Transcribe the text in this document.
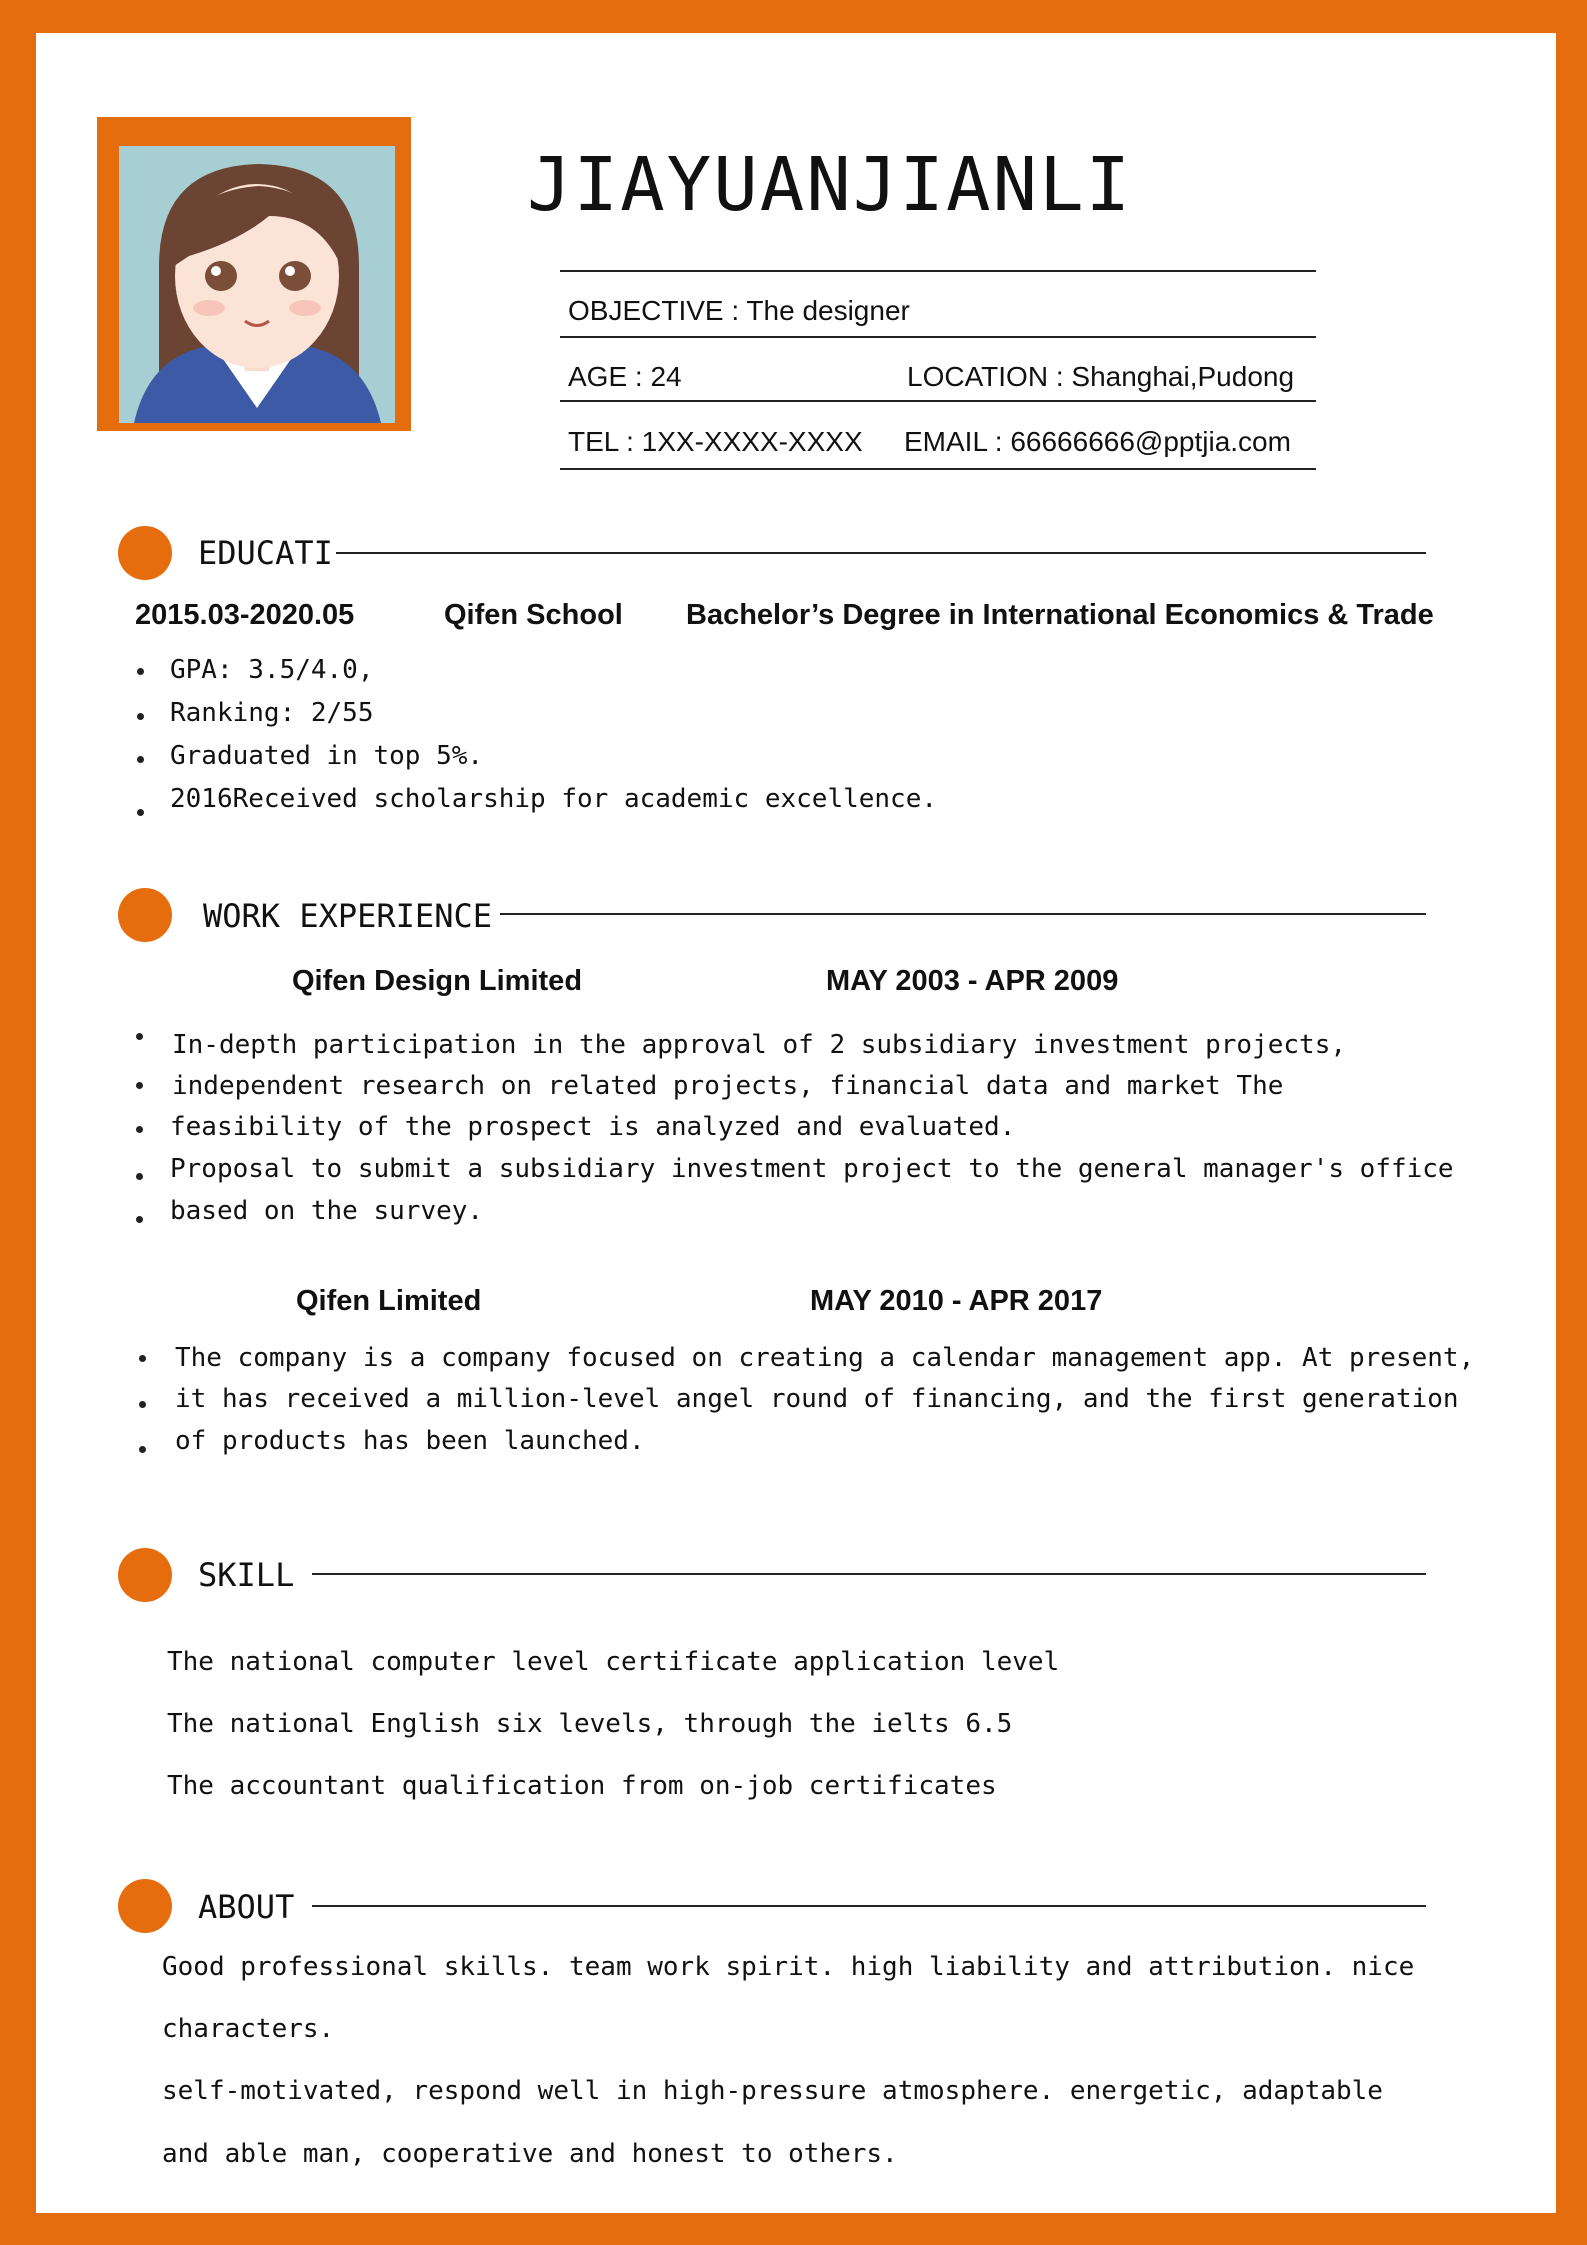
JIAYUANJIANLI
OBJECTIVE : The designer
AGE : 24	LOCATION : Shanghai,Pudong
TEL : 1XX-XXXX-XXXX EMAIL : 66666666@pptjia.com
EDUCATI
2015.03-2020.05	Qifen School Bachelor’s Degree in International Economics & Trade
GPA: 3.5/4.0,
Ranking: 2/55
Graduated in top 5%.
2016Received scholarship for academic excellence.
WORK EXPERIENCE
Qifen Design Limited	MAY 2003 - APR 2009
In-depth participation in the approval of 2 subsidiary investment projects,
independent research on related projects, financial data and market The
feasibility of the prospect is analyzed and evaluated.
Proposal to submit a subsidiary investment project to the general manager's office
based on the survey.
Qifen Limited	MAY 2010 - APR 2017
The company is a company focused on creating a calendar management app. At present,
it has received a million-level angel round of financing, and the first generation
of products has been launched.
SKILL
The national computer level certificate application level
The national English six levels, through the ielts 6.5
The accountant qualification from on-job certificates
ABOUT
Good professional skills. team work spirit. high liability and attribution. nice
characters.
self-motivated, respond well in high-pressure atmosphere. energetic, adaptable
and able man, cooperative and honest to others.
